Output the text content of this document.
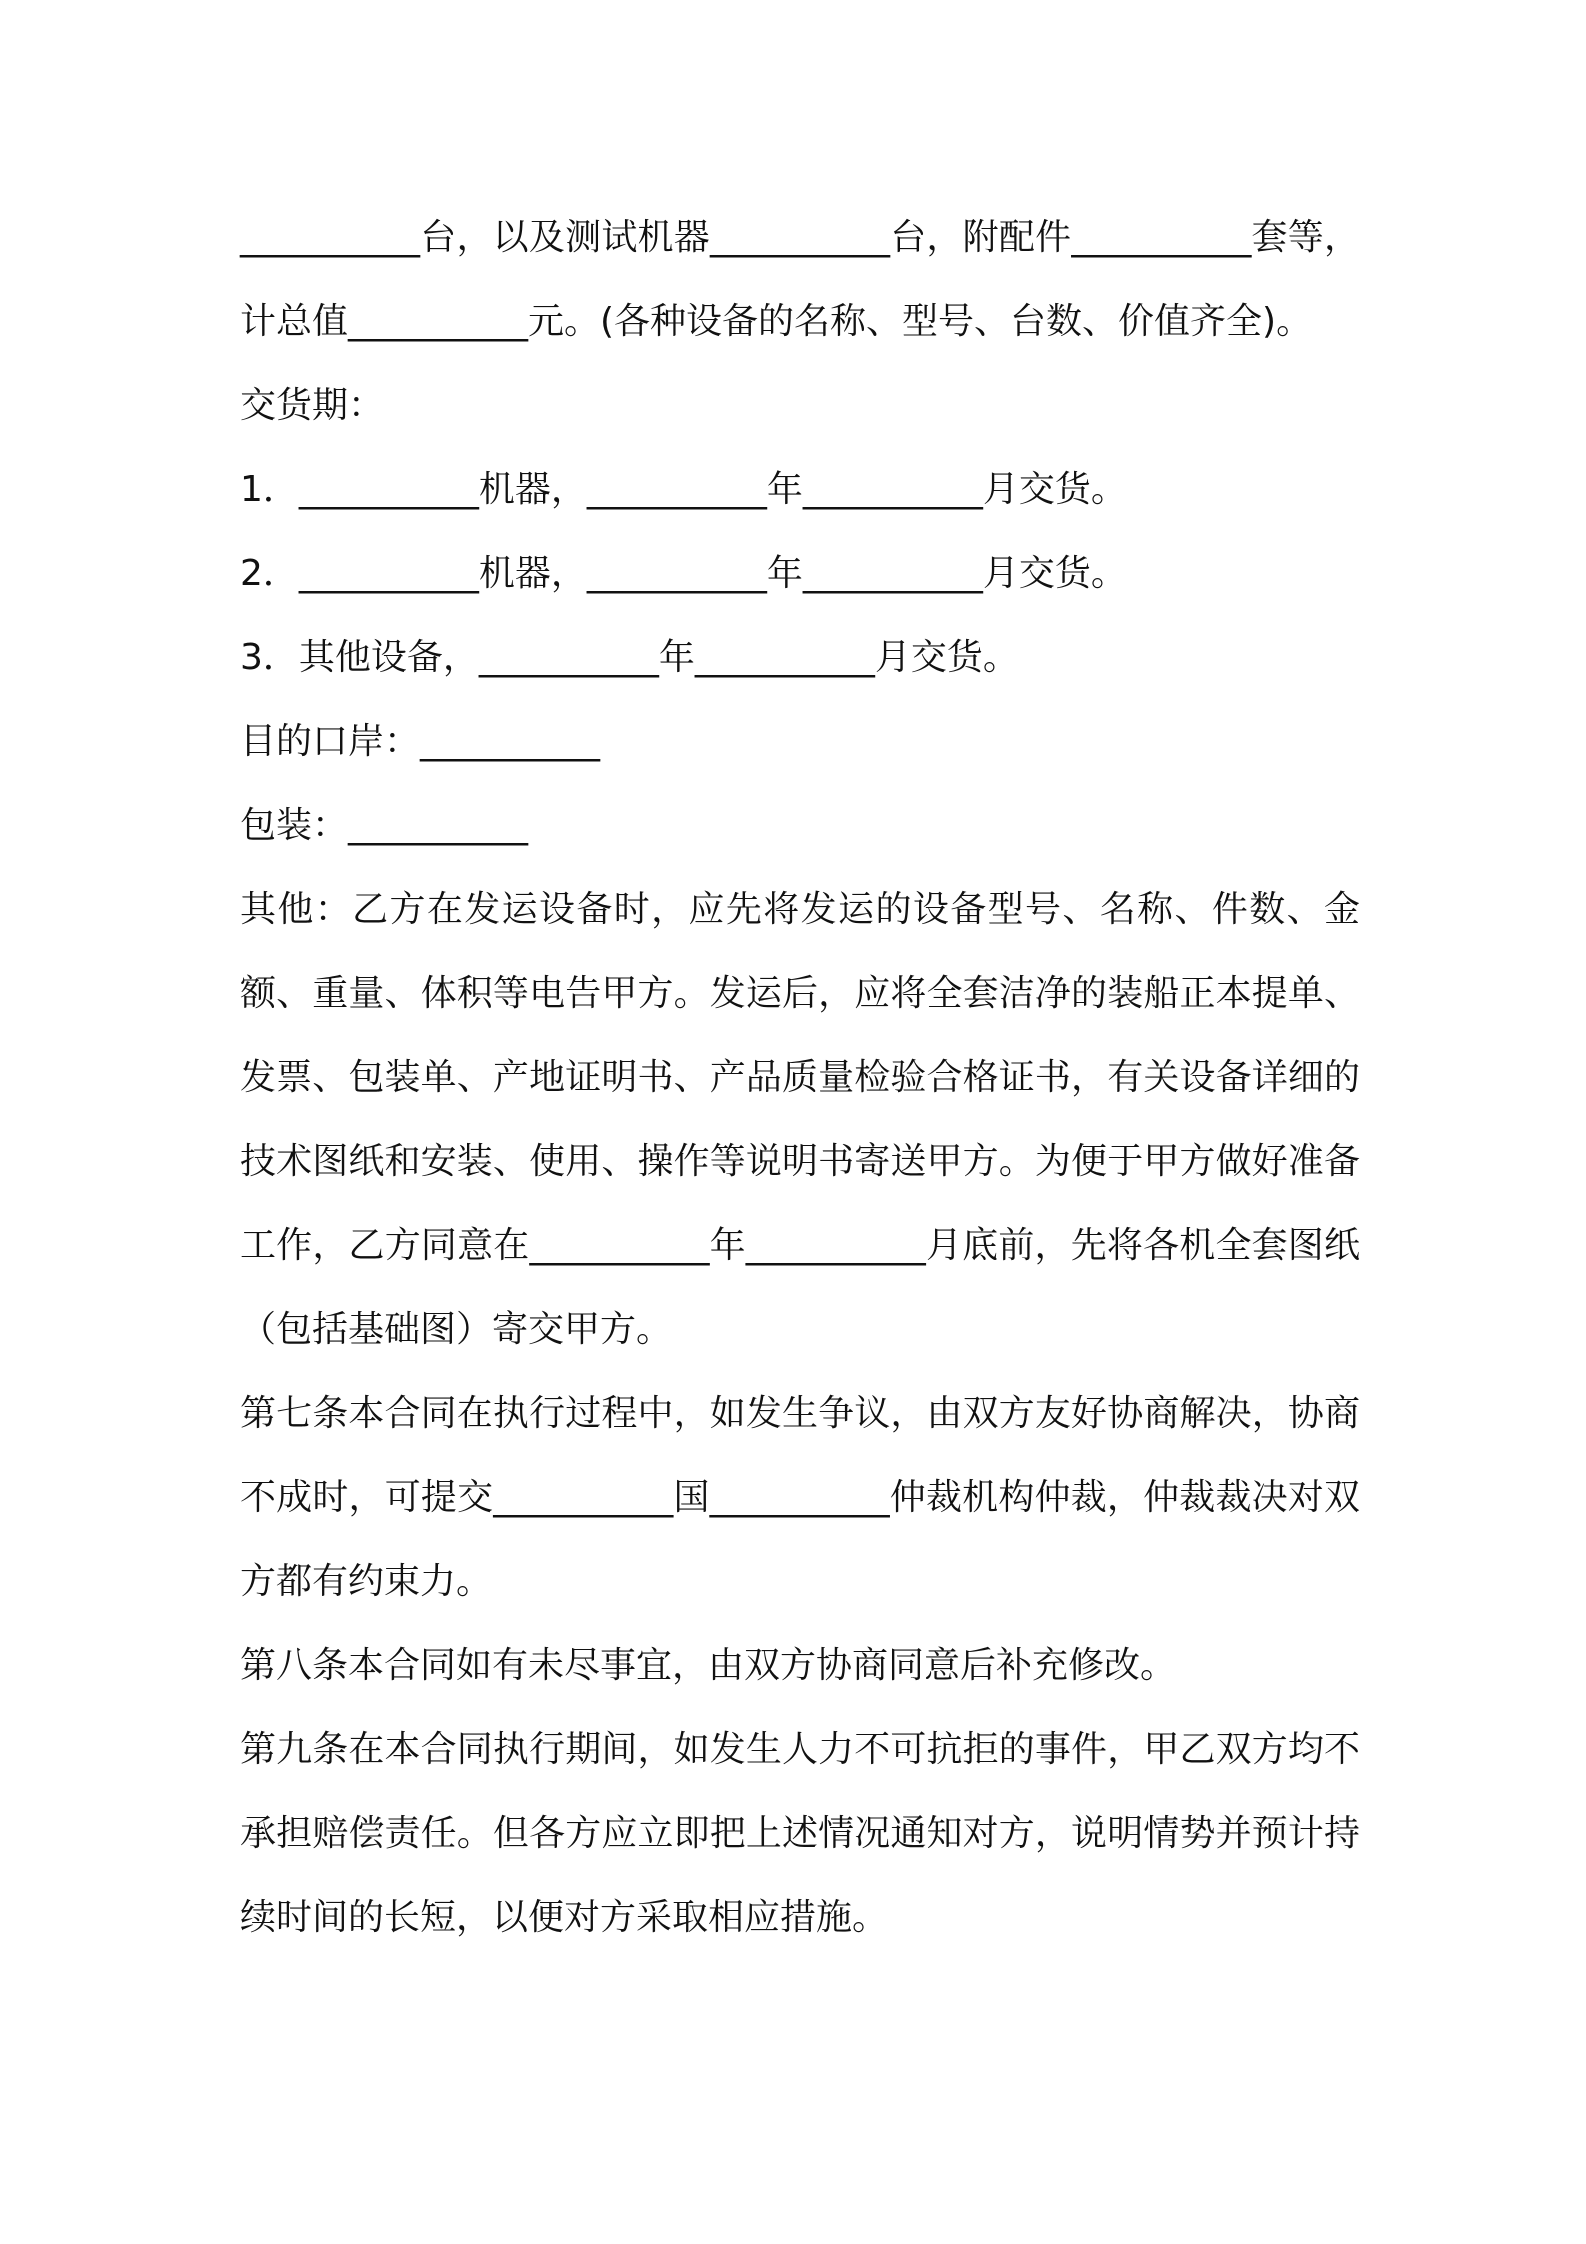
__________台，以及测试机器__________台，附配件__________套等，计总值__________元。(各种设备的名称、型号、台数、价值齐全)。

交货期：

1．__________机器，__________年__________月交货。

2．__________机器，__________年__________月交货。

3．其他设备，__________年__________月交货。

目的口岸：__________

包装：__________

其他：乙方在发运设备时，应先将发运的设备型号、名称、件数、金额、重量、体积等电告甲方。发运后，应将全套洁净的装船正本提单、发票、包装单、产地证明书、产品质量检验合格证书，有关设备详细的技术图纸和安装、使用、操作等说明书寄送甲方。为便于甲方做好准备工作，乙方同意在__________年__________月底前，先将各机全套图纸（包括基础图）寄交甲方。

第七条本合同在执行过程中，如发生争议，由双方友好协商解决，协商不成时，可提交__________国__________仲裁机构仲裁，仲裁裁决对双方都有约束力。

第八条本合同如有未尽事宜，由双方协商同意后补充修改。

第九条在本合同执行期间，如发生人力不可抗拒的事件，甲乙双方均不承担赔偿责任。但各方应立即把上述情况通知对方，说明情势并预计持续时间的长短，以便对方采取相应措施。
